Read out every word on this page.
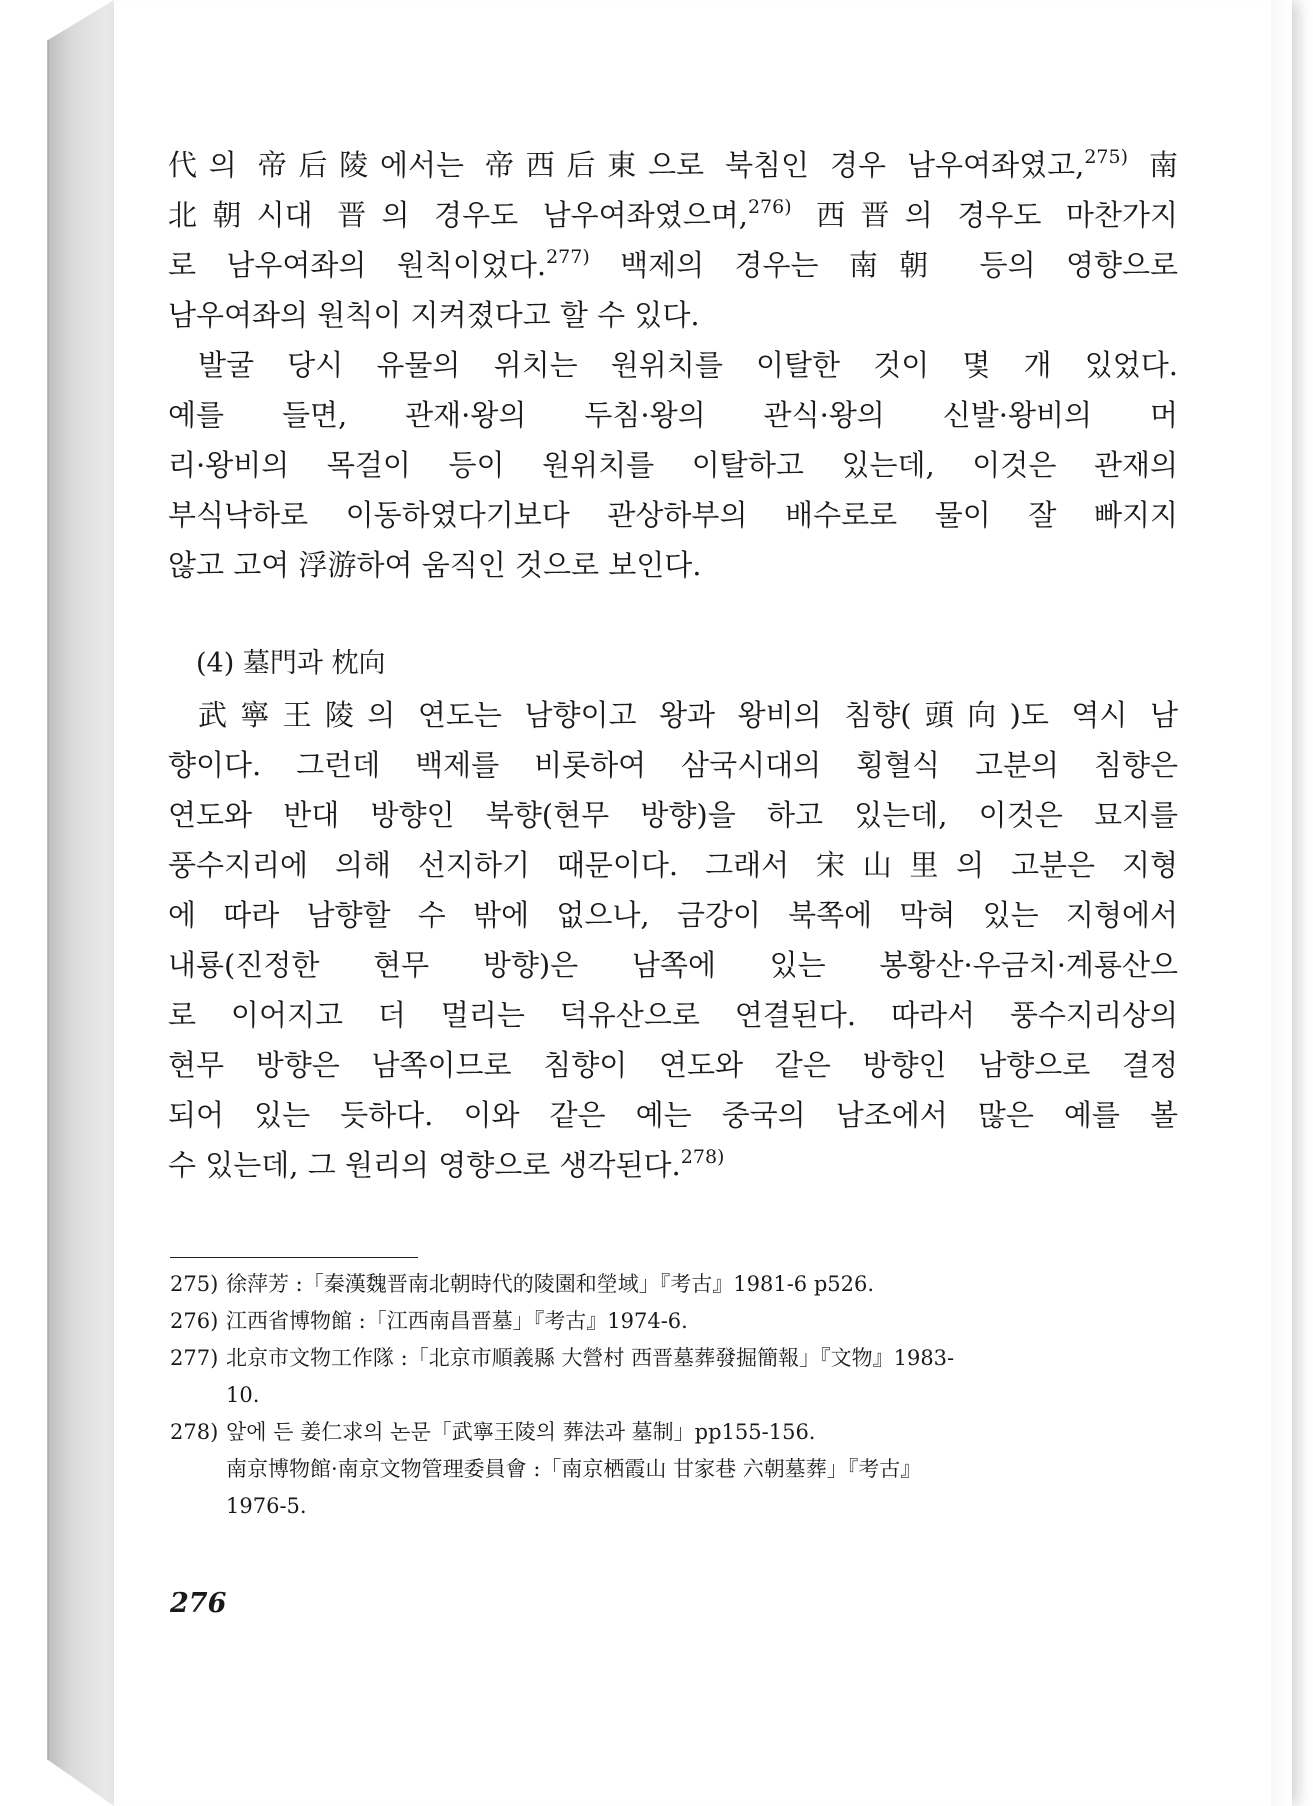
代의 帝后陵에서는 帝西后東으로 북침인 경우 남우여좌였고,$^{275)}$ 南
北朝시대 晋의 경우도 남우여좌였으며,$^{276)}$ 西晋의 경우도 마찬가지
로 남우여좌의 원칙이었다.$^{277)}$ 백제의 경우는 南朝 등의 영향으로
남우여좌의 원칙이 지켜졌다고 할 수 있다.
발굴 당시 유물의 위치는 원위치를 이탈한 것이 몇 개 있었다.
예를 들면, 관재·왕의 두침·왕의 관식·왕의 신발·왕비의 머
리·왕비의 목걸이 등이 원위치를 이탈하고 있는데, 이것은 관재의
부식낙하로 이동하였다기보다 관상하부의 배수로로 물이 잘 빠지지
않고 고여 浮游하여 움직인 것으로 보인다.
(4) 墓門과 枕向
武寧王陵의 연도는 남향이고 왕과 왕비의 침향(頭向)도 역시 남
향이다. 그런데 백제를 비롯하여 삼국시대의 횡혈식 고분의 침향은
연도와 반대 방향인 북향(현무 방향)을 하고 있는데, 이것은 묘지를
풍수지리에 의해 선지하기 때문이다. 그래서 宋山里의 고분은 지형
에 따라 남향할 수 밖에 없으나, 금강이 북쪽에 막혀 있는 지형에서
내룡(진정한 현무 방향)은 남쪽에 있는 봉황산·우금치·계룡산으
로 이어지고 더 멀리는 덕유산으로 연결된다. 따라서 풍수지리상의
현무 방향은 남쪽이므로 침향이 연도와 같은 방향인 남향으로 결정
되어 있는 듯하다. 이와 같은 예는 중국의 남조에서 많은 예를 볼
수 있는데, 그 원리의 영향으로 생각된다.$^{278)}$
275) 徐萍芳 :「秦漢魏晋南北朝時代的陵園和塋域」『考古』1981-6 p526.
276) 江西省博物館 :「江西南昌晋墓」『考古』1974-6.
277) 北京市文物工作隊 :「北京市順義縣 大營村 西晋墓葬發掘簡報」『文物』1983-
10.
278) 앞에 든 姜仁求의 논문「武寧王陵의 葬法과 墓制」pp155-156.
南京博物館·南京文物管理委員會 :「南京栖霞山 甘家巷 六朝墓葬」『考古』
1976-5.
276
